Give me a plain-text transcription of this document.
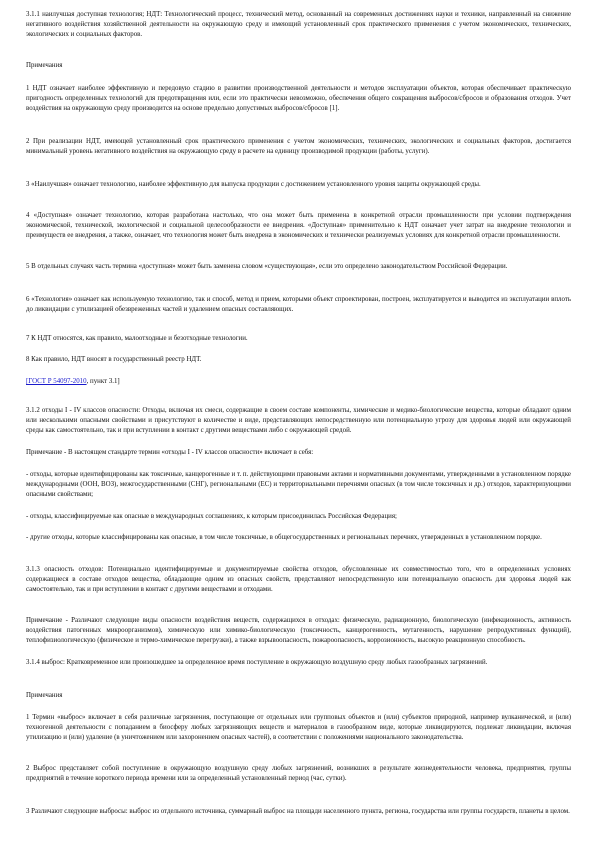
3.1.1 наилучшая доступная технология; НДТ: Технологический процесс, технический метод, основанный на современных достижениях науки и техники, направленный на снижение негативного воздействия хозяйственной деятельности на окружающую среду и имеющий установленный срок практического применения с учетом экономических, технических, экологических и социальных факторов.

Примечания

1 НДТ означает наиболее эффективную и передовую стадию в развитии производственной деятельности и методов эксплуатации объектов, которая обеспечивает практическую пригодность определенных технологий для предотвращения или, если это практически невозможно, обеспечения общего сокращения выбросов/сбросов и образования отходов. Учет воздействия на окружающую среду производится на основе предельно допустимых выбросов/сбросов [1].

2 При реализации НДТ, имеющей установленный срок практического применения с учетом экономических, технических, экологических и социальных факторов, достигается минимальный уровень негативного воздействия на окружающую среду в расчете на единицу производимой продукции (работы, услуги).

3 «Наилучшая» означает технологию, наиболее эффективную для выпуска продукции с достижением установленного уровня защиты окружающей среды.

4 «Доступная» означает технологию, которая разработана настолько, что она может быть применена в конкретной отрасли промышленности при условии подтверждения экономической, технической, экологической и социальной целесообразности ее внедрения. «Доступная» применительно к НДТ означает учет затрат на внедрение технологии и преимуществ ее внедрения, а также, означает, что технология может быть внедрена в экономических и технически реализуемых условиях для конкретной отрасли промышленности.

5 В отдельных случаях часть термина «доступная» может быть заменена словом «существующая», если это определено законодательством Российской Федерации.

6 «Технология» означает как используемую технологию, так и способ, метод и прием, которыми объект спроектирован, построен, эксплуатируется и выводится из эксплуатации вплоть до ликвидации с утилизацией обезвреженных частей и удалением опасных составляющих.

7 К НДТ относятся, как правило, малоотходные и безотходные технологии.

8 Как правило, НДТ вносят в государственный реестр НДТ.

[ГОСТ Р 54097-2010, пункт 3.1]

3.1.2 отходы I - IV классов опасности: Отходы, включая их смеси, содержащие в своем составе компоненты, химические и медико-биологические вещества, которые обладают одним или несколькими опасными свойствами и присутствуют в количестве и виде, представляющих непосредственную или потенциальную угрозу для здоровья людей или окружающей среды как самостоятельно, так и при вступлении в контакт с другими веществами либо с окружающей средой.

Примечание - В настоящем стандарте термин «отходы I - IV классов опасности» включает в себя:

- отходы, которые идентифицированы как токсичные, канцерогенные и т. п. действующими правовыми актами и нормативными документами, утвержденными в установленном порядке международными (ООН, ВОЗ), межгосударственными (СНГ), региональными (ЕС) и территориальными перечнями опасных (в том числе токсичных и др.) отходов, характеризующими опасными свойствами;

- отходы, классифицируемые как опасные в международных соглашениях, к которым присоединилась Российская Федерация;

- другие отходы, которые классифицированы как опасные, в том числе токсичные, в общегосударственных и региональных перечнях, утвержденных в установленном порядке.

3.1.3 опасность отходов: Потенциально идентифицируемые и документируемые свойства отходов, обусловленные их совместимостью того, что в определенных условиях содержащиеся в составе отходов вещества, обладающие одним из опасных свойств, представляют непосредственную или потенциальную опасность для здоровья людей как самостоятельно, так и при вступлении в контакт с другими веществами и отходами.

Примечание - Различают следующие виды опасности воздействия веществ, содержащихся в отходах: физическую, радиационную, биологическую (инфекционность, активность воздействия патогенных микроорганизмов), химическую или химико-биологическую (токсичность, канцерогенность, мутагенность, нарушение репродуктивных функций), теплофизиологическую (физическое и термо-химическое перегрузки), а также взрывоопасность, пожароопасность, коррозионность, высокую реакционную способность.

3.1.4 выброс: Кратковременное или произошедшее за определенное время поступление в окружающую воздушную среду любых газообразных загрязнений.

Примечания

1 Термин «выброс» включает в себя различные загрязнения, поступающие от отдельных или групповых объектов и (или) субъектов природной, например вулканической, и (или) техногенной деятельности с попаданием в биосферу любых загрязняющих веществ и материалов в газообразном виде, которые ликвидируются, подлежат ликвидации, включая утилизацию и (или) удаление (в уничтожением или захоронением опасных частей), в соответствии с положениями национального законодательства.

2 Выброс представляет собой поступление в окружающую воздушную среду любых загрязнений, возникших в результате жизнедеятельности человека, предприятия, группы предприятий в течение короткого периода времени или за определенный установленный период (час, сутки).

3 Различают следующие выбросы: выброс из отдельного источника, суммарный выброс на площади населенного пункта, региона, государства или группы государств, планеты в целом.
